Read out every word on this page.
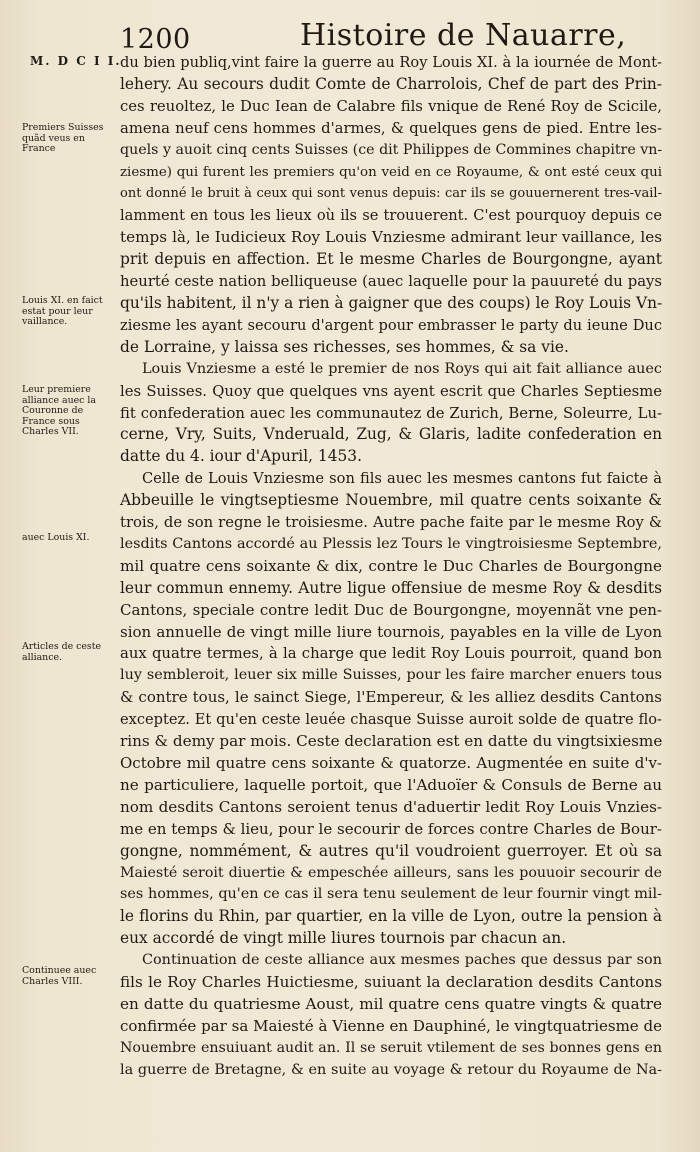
1200	Histoire de Nauarre,
M. D C I I.
Premiers Suisses quãd veus en France
Louis XI. en faict estat pour leur vaillance.
Leur premiere alliance auec la Couronne de France sous Charles VII.
auec Louis XI.
Articles de ceste alliance.
Continuee auec Charles VIII.
du bien publiq,vint faire la guerre au Roy Louis XI. à la iournée de Mont-
lehery. Au secours dudit Comte de Charrolois, Chef de part des Prin-
ces reuoltez, le Duc Iean de Calabre fils vnique de René Roy de Scicile,
amena neuf cens hommes d'armes, & quelques gens de pied. Entre les-
quels y auoit cinq cents Suisses (ce dit Philippes de Commines chapitre vn-
ziesme) qui furent les premiers qu'on veid en ce Royaume, & ont esté ceux qui
ont donné le bruit à ceux qui sont venus depuis: car ils se gouuernerent tres-vail-
lamment en tous les lieux où ils se trouuerent. C'est pourquoy depuis ce
temps là, le Iudicieux Roy Louis Vnziesme admirant leur vaillance, les
prit depuis en affection. Et le mesme Charles de Bourgongne, ayant
heurté ceste nation belliqueuse (auec laquelle pour la pauureté du pays
qu'ils habitent, il n'y a rien à gaigner que des coups) le Roy Louis Vn-
ziesme les ayant secouru d'argent pour embrasser le party du ieune Duc
de Lorraine, y laissa ses richesses, ses hommes, & sa vie.
Louis Vnziesme a esté le premier de nos Roys qui ait fait alliance auec
les Suisses. Quoy que quelques vns ayent escrit que Charles Septiesme
fit confederation auec les communautez de Zurich, Berne, Soleurre, Lu-
cerne, Vry, Suits, Vnderuald, Zug, & Glaris, ladite confederation en
datte du 4. iour d'Apuril, 1453.
Celle de Louis Vnziesme son fils auec les mesmes cantons fut faicte à
Abbeuille le vingtseptiesme Nouembre, mil quatre cents soixante &
trois, de son regne le troisiesme. Autre pache faite par le mesme Roy &
lesdits Cantons accordé au Plessis lez Tours le vingtroisiesme Septembre,
mil quatre cens soixante & dix, contre le Duc Charles de Bourgongne
leur commun ennemy. Autre ligue offensiue de mesme Roy & desdits
Cantons, speciale contre ledit Duc de Bourgongne, moyennãt vne pen-
sion annuelle de vingt mille liure tournois, payables en la ville de Lyon
aux quatre termes, à la charge que ledit Roy Louis pourroit, quand bon
luy sembleroit, leuer six mille Suisses, pour les faire marcher enuers tous
& contre tous, le sainct Siege, l'Empereur, & les alliez desdits Cantons
exceptez. Et qu'en ceste leuée chasque Suisse auroit solde de quatre flo-
rins & demy par mois. Ceste declaration est en datte du vingtsixiesme
Octobre mil quatre cens soixante & quatorze. Augmentée en suite d'v-
ne particuliere, laquelle portoit, que l'Aduoïer & Consuls de Berne au
nom desdits Cantons seroient tenus d'aduertir ledit Roy Louis Vnzies-
me en temps & lieu, pour le secourir de forces contre Charles de Bour-
gongne, nommément, & autres qu'il voudroient guerroyer. Et où sa
Maiesté seroit diuertie & empeschée ailleurs, sans les pouuoir secourir de
ses hommes, qu'en ce cas il sera tenu seulement de leur fournir vingt mil-
le florins du Rhin, par quartier, en la ville de Lyon, outre la pension à
eux accordé de vingt mille liures tournois par chacun an.
Continuation de ceste alliance aux mesmes paches que dessus par son
fils le Roy Charles Huictiesme, suiuant la declaration desdits Cantons
en datte du quatriesme Aoust, mil quatre cens quatre vingts & quatre
confirmée par sa Maiesté à Vienne en Dauphiné, le vingtquatriesme de
Nouembre ensuiuant audit an. Il se seruit vtilement de ses bonnes gens en
la guerre de Bretagne, & en suite au voyage & retour du Royaume de Na-
